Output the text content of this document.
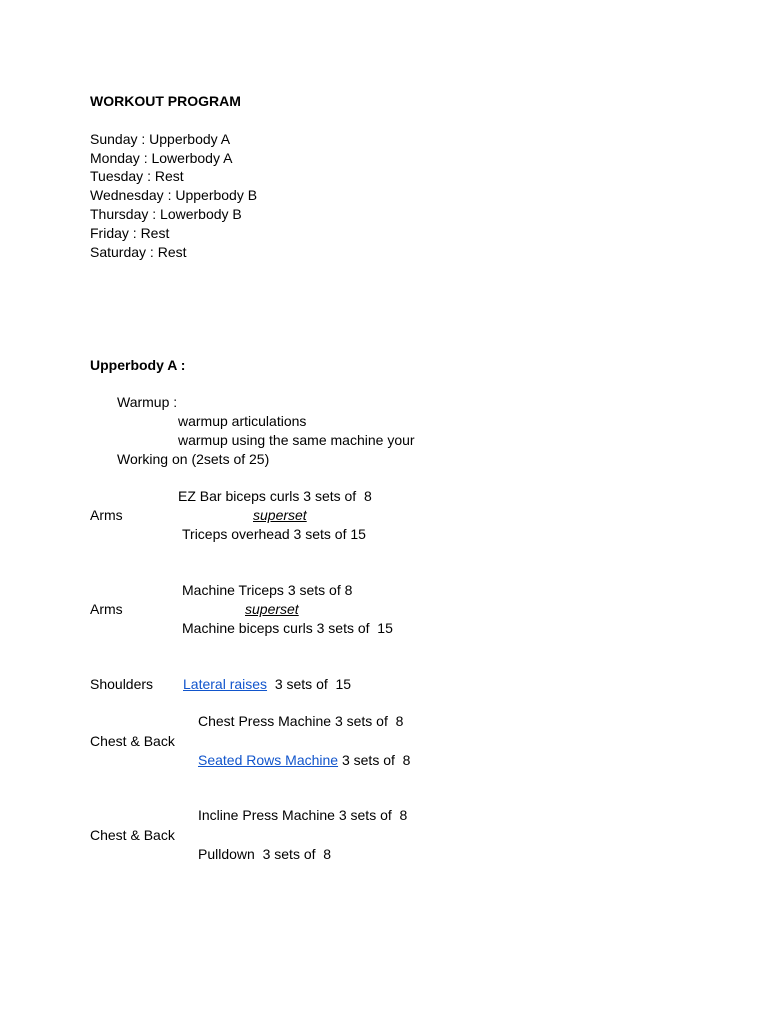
WORKOUT PROGRAM
Sunday : Upperbody A
Monday : Lowerbody A
Tuesday : Rest
Wednesday : Upperbody B
Thursday : Lowerbody B
Friday : Rest
Saturday : Rest
Upperbody A :
Warmup :
warmup articulations
warmup using the same machine your
Working on (2sets of 25)
EZ Bar biceps curls 3 sets of  8
Arms	superset
Triceps overhead 3 sets of 15
Machine Triceps 3 sets of 8
Arms	superset
Machine biceps curls 3 sets of  15
Shoulders Lateral raises  3 sets of  15
Chest Press Machine 3 sets of  8
Chest & Back
Seated Rows Machine 3 sets of  8
Incline Press Machine 3 sets of  8
Chest & Back
Pulldown  3 sets of  8
